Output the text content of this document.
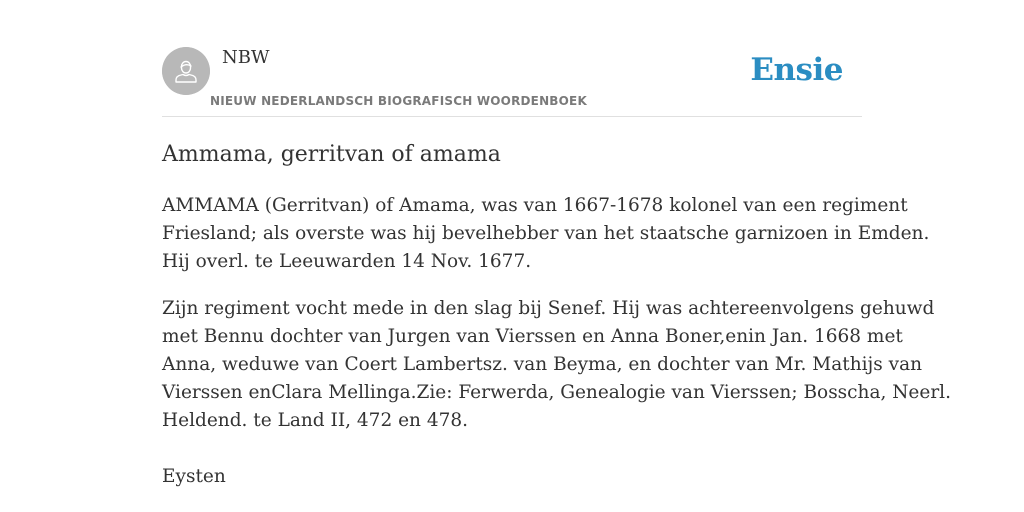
NBW
NIEUW NEDERLANDSCH BIOGRAFISCH WOORDENBOEK
Ensie
Ammama, gerritvan of amama

AMMAMA (Gerritvan) of Amama, was van 1667-1678 kolonel van een regiment
Friesland; als overste was hij bevelhebber van het staatsche garnizoen in Emden.
Hij overl. te Leeuwarden 14 Nov. 1677.

Zijn regiment vocht mede in den slag bij Senef. Hij was achtereenvolgens gehuwd
met Bennu dochter van Jurgen van Vierssen en Anna Boner,enin Jan. 1668 met
Anna, weduwe van Coert Lambertsz. van Beyma, en dochter van Mr. Mathijs van
Vierssen enClara Mellinga.Zie: Ferwerda, Genealogie van Vierssen; Bosscha, Neerl.
Heldend. te Land II, 472 en 478.

Eysten
